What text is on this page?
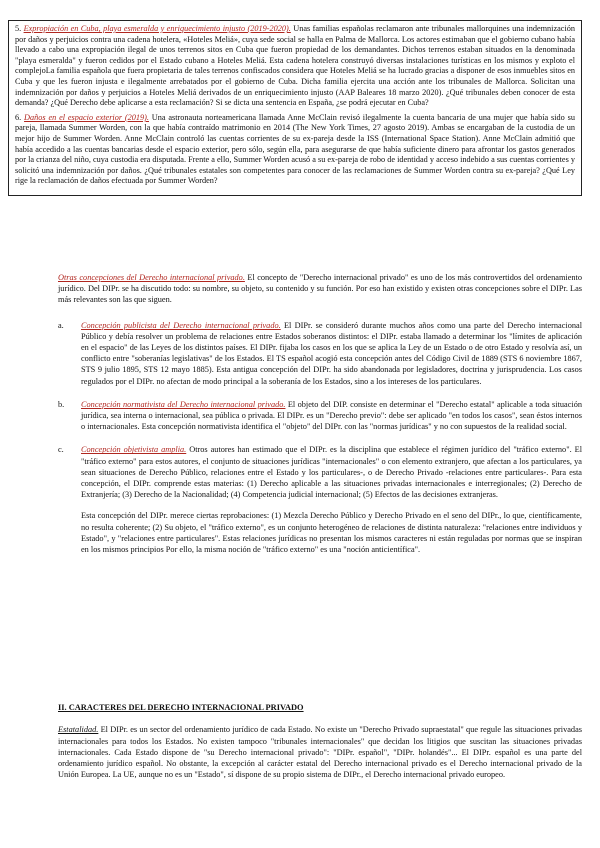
5. Expropiación en Cuba, playa esmeralda y enriquecimiento injusto (2019-2020). Unas familias españolas reclamaron ante tribunales mallorquines una indemnización por daños y perjuicios contra una cadena hotelera, «Hoteles Meliá», cuya sede social se halla en Palma de Mallorca. Los actores estimaban que el gobierno cubano había llevado a cabo una expropiación ilegal de unos terrenos sitos en Cuba que fueron propiedad de los demandantes. Dichos terrenos estaban situados en la denominada "playa esmeralda" y fueron cedidos por el Estado cubano a Hoteles Meliá. Esta cadena hotelera construyó diversas instalaciones turísticas en los mismos y exploto el complejoLa familia española que fuera propietaria de tales terrenos confiscados considera que Hoteles Meliá se ha lucrado gracias a disponer de esos inmuebles sitos en Cuba y que les fueron injusta e ilegalmente arrebatados por el gobierno de Cuba. Dicha familia ejercita una acción ante los tribunales de Mallorca. Solicitan una indemnización por daños y perjuicios a Hoteles Meliá derivados de un enriquecimiento injusto (AAP Baleares 18 marzo 2020). ¿Qué tribunales deben conocer de esta demanda? ¿Qué Derecho debe aplicarse a esta reclamación? Si se dicta una sentencia en España, ¿se podrá ejecutar en Cuba?

6. Daños en el espacio exterior (2019). Una astronauta norteamericana llamada Anne McClain revisó ilegalmente la cuenta bancaria de una mujer que había sido su pareja, llamada Summer Worden, con la que había contraído matrimonio en 2014 (The New York Times, 27 agosto 2019). Ambas se encargaban de la custodia de un mejor hijo de Summer Worden. Anne McClain controló las cuentas corrientes de su ex-pareja desde la ISS (International Space Station). Anne McClain admitió que había accedido a las cuentas bancarias desde el espacio exterior, pero sólo, según ella, para asegurarse de que había suficiente dinero para afrontar los gastos generados por la crianza del niño, cuya custodia era disputada. Frente a ello, Summer Worden acusó a su ex-pareja de robo de identidad y acceso indebido a sus cuentas corrientes y solicitó una indemnización por daños. ¿Qué tribunales estatales son competentes para conocer de las reclamaciones de Summer Worden contra su ex-pareja? ¿Qué Ley rige la reclamación de daños efectuada por Summer Worden?

Otras concepciones del Derecho internacional privado. El concepto de "Derecho internacional privado" es uno de los más controvertidos del ordenamiento jurídico. Del DIPr. se ha discutido todo: su nombre, su objeto, su contenido y su función. Por eso han existido y existen otras concepciones sobre el DIPr. Las más relevantes son las que siguen.

a. Concepción publicista del Derecho internacional privado. El DIPr. se consideró durante muchos años como una parte del Derecho internacional Público y debía resolver un problema de relaciones entre Estados soberanos distintos: el DIPr. estaba llamado a determinar los "límites de aplicación en el espacio" de las Leyes de los distintos países. El DIPr. fijaba los casos en los que se aplica la Ley de un Estado o de otro Estado y resolvía así, un conflicto entre "soberanías legislativas" de los Estados. El TS español acogió esta concepción antes del Código Civil de 1889 (STS 6 noviembre 1867, STS 9 julio 1895, STS 12 mayo 1885). Esta antigua concepción del DIPr. ha sido abandonada por legisladores, doctrina y jurisprudencia. Los casos regulados por el DIPr. no afectan de modo principal a la soberanía de los Estados, sino a los intereses de los particulares.

b. Concepción normativista del Derecho internacional privado. El objeto del DIP. consiste en determinar el "Derecho estatal" aplicable a toda situación jurídica, sea interna o internacional, sea pública o privada. El DIPr. es un "Derecho previo": debe ser aplicado "en todos los casos", sean éstos internos o internacionales. Esta concepción normativista identifica el "objeto" del DIPr. con las "normas jurídicas" y no con supuestos de la realidad social.

c. Concepción objetivista amplia. Otros autores han estimado que el DIPr. es la disciplina que establece el régimen jurídico del "tráfico externo". El "tráfico externo" para estos autores, el conjunto de situaciones jurídicas "internacionales" o con elemento extranjero, que afectan a los particulares, ya sean situaciones de Derecho Público, relaciones entre el Estado y los particulares-, o de Derecho Privado -relaciones entre particulares-. Para esta concepción, el DIPr. comprende estas materias: (1) Derecho aplicable a las situaciones privadas internacionales e interregionales; (2) Derecho de Extranjería; (3) Derecho de la Nacionalidad; (4) Competencia judicial internacional; (5) Efectos de las decisiones extranjeras.

Esta concepción del DIPr. merece ciertas reprobaciones: (1) Mezcla Derecho Público y Derecho Privado en el seno del DIPr., lo que, científicamente, no resulta coherente; (2) Su objeto, el "tráfico externo", es un conjunto heterogéneo de relaciones de distinta naturaleza: "relaciones entre individuos y Estado", y "relaciones entre particulares". Estas relaciones jurídicas no presentan los mismos caracteres ni están reguladas por normas que se inspiran en los mismos principios Por ello, la misma noción de "tráfico externo" es una "noción anticientífica".

II. CARACTERES DEL DERECHO INTERNACIONAL PRIVADO

Estatalidad. El DIPr. es un sector del ordenamiento jurídico de cada Estado. No existe un "Derecho Privado supraestatal" que regule las situaciones privadas internacionales para todos los Estados. No existen tampoco "tribunales internacionales" que decidan los litigios que suscitan las situaciones privadas internacionales. Cada Estado dispone de "su Derecho internacional privado": "DIPr. español", "DIPr. holandés"... El DIPr. español es una parte del ordenamiento jurídico español. No obstante, la excepción al carácter estatal del Derecho internacional privado es el Derecho internacional privado de la Unión Europea. La UE, aunque no es un "Estado", sí dispone de su propio sistema de DIPr., el Derecho internacional privado europeo.
